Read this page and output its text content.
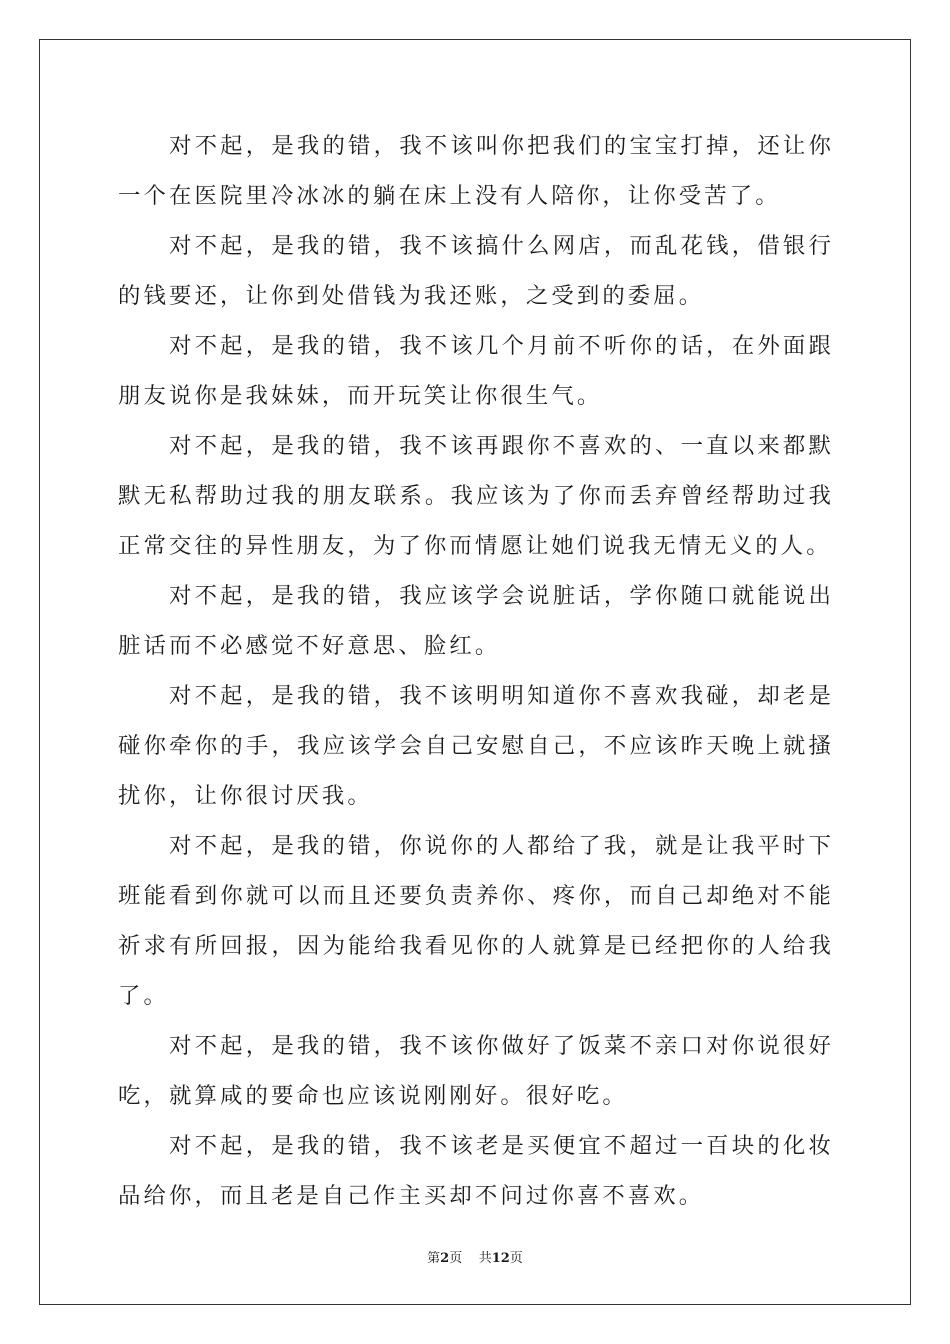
对不起，是我的错，我不该叫你把我们的宝宝打掉，还让你一个在医院里冷冰冰的躺在床上没有人陪你，让你受苦了。

对不起，是我的错，我不该搞什么网店，而乱花钱，借银行的钱要还，让你到处借钱为我还账，之受到的委屈。

对不起，是我的错，我不该几个月前不听你的话，在外面跟朋友说你是我妹妹，而开玩笑让你很生气。

对不起，是我的错，我不该再跟你不喜欢的、一直以来都默默无私帮助过我的朋友联系。我应该为了你而丢弃曾经帮助过我正常交往的异性朋友，为了你而情愿让她们说我无情无义的人。

对不起，是我的错，我应该学会说脏话，学你随口就能说出脏话而不必感觉不好意思、脸红。

对不起，是我的错，我不该明明知道你不喜欢我碰，却老是碰你牵你的手，我应该学会自己安慰自己，不应该昨天晚上就搔扰你，让你很讨厌我。

对不起，是我的错，你说你的人都给了我，就是让我平时下班能看到你就可以而且还要负责养你、疼你，而自己却绝对不能祈求有所回报，因为能给我看见你的人就算是已经把你的人给我了。

对不起，是我的错，我不该你做好了饭菜不亲口对你说很好吃，就算咸的要命也应该说刚刚好。很好吃。

对不起，是我的错，我不该老是买便宜不超过一百块的化妆品给你，而且老是自己作主买却不问过你喜不喜欢。

第2页 共12页
